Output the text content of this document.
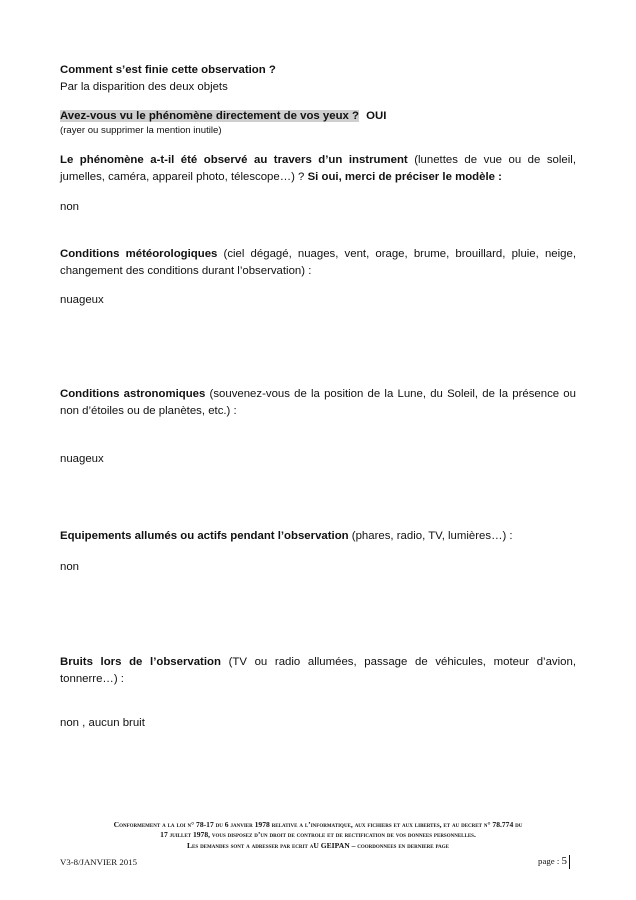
Comment s’est finie cette observation ?
Par la disparition des deux objets
Avez-vous vu le phénomène directement de vos yeux ? OUI
(rayer ou supprimer la mention inutile)
Le phénomène a-t-il été observé au travers d’un instrument (lunettes de vue ou de soleil, jumelles, caméra, appareil photo, télescope…) ? Si oui, merci de préciser le modèle :
non
Conditions météorologiques (ciel dégagé, nuages, vent, orage, brume, brouillard, pluie, neige, changement des conditions durant l’observation) :
nuageux
Conditions astronomiques (souvenez-vous de la position de la Lune, du Soleil, de la présence ou non d’étoiles ou de planètes, etc.) :
nuageux
Equipements allumés ou actifs pendant l’observation (phares, radio, TV, lumières…) :
non
Bruits lors de l’observation (TV ou radio allumées, passage de véhicules, moteur d’avion, tonnerre…) :
non , aucun bruit
Conformement a la loi n° 78-17 du 6 janvier 1978 relative a l’informatique, aux fichiers et aux libertes, et au decret n° 78.774 du
17 juillet 1978, vous disposez d’un droit de controle et de rectification de vos donnees personnelles.
Les demandes sont a adresser par ecrit aU GEIPAN – coordonnees en derniere page
V3-8/JANVIER 2015	page : 5
